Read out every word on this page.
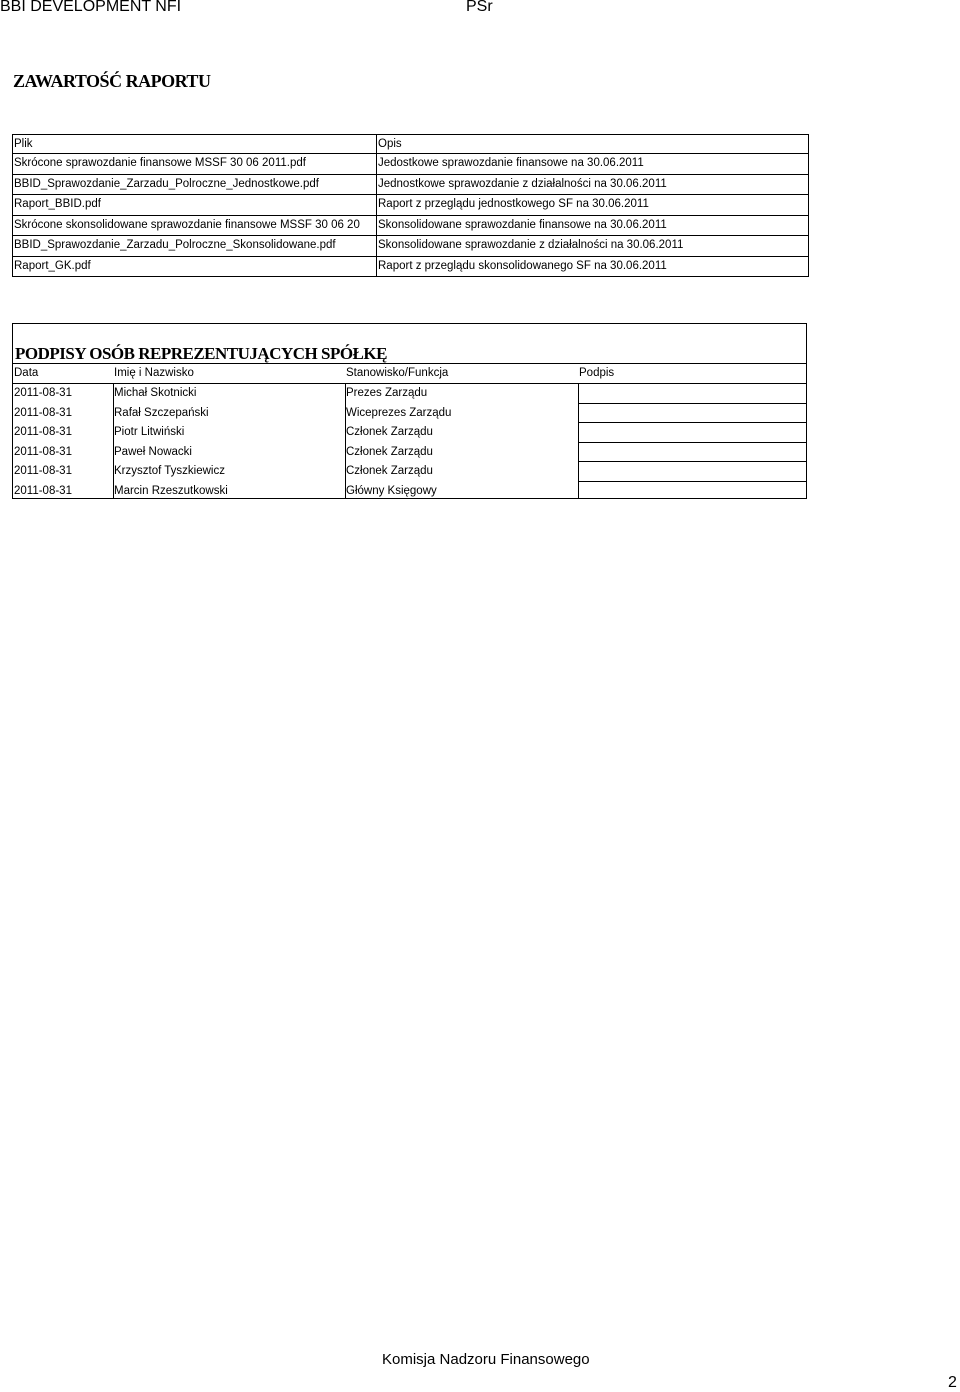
BBI DEVELOPMENT NFI	PSr
ZAWARTOŚĆ RAPORTU
Plik	Opis
Skrócone sprawozdanie finansowe MSSF 30 06 2011.pdf	Jedostkowe sprawozdanie finansowe na 30.06.2011
BBID_Sprawozdanie_Zarzadu_Polroczne_Jednostkowe.pdf	Jednostkowe sprawozdanie z działalności na 30.06.2011
Raport_BBID.pdf	Raport z przeglądu jednostkowego SF na 30.06.2011
Skrócone skonsolidowane sprawozdanie finansowe MSSF 30 06 20	Skonsolidowane sprawozdanie finansowe na 30.06.2011
BBID_Sprawozdanie_Zarzadu_Polroczne_Skonsolidowane.pdf	Skonsolidowane sprawozdanie z działalności na 30.06.2011
Raport_GK.pdf	Raport z przeglądu skonsolidowanego SF na 30.06.2011
PODPISY OSÓB REPREZENTUJĄCYCH SPÓŁKĘ
Data	Imię i Nazwisko	Stanowisko/Funkcja	Podpis
2011-08-31	Michał Skotnicki	Prezes Zarządu
2011-08-31	Rafał Szczepański	Wiceprezes Zarządu
2011-08-31	Piotr Litwiński	Członek Zarządu
2011-08-31	Paweł Nowacki	Członek Zarządu
2011-08-31	Krzysztof Tyszkiewicz	Członek Zarządu
2011-08-31	Marcin Rzeszutkowski	Główny Księgowy
Komisja Nadzoru Finansowego
2
